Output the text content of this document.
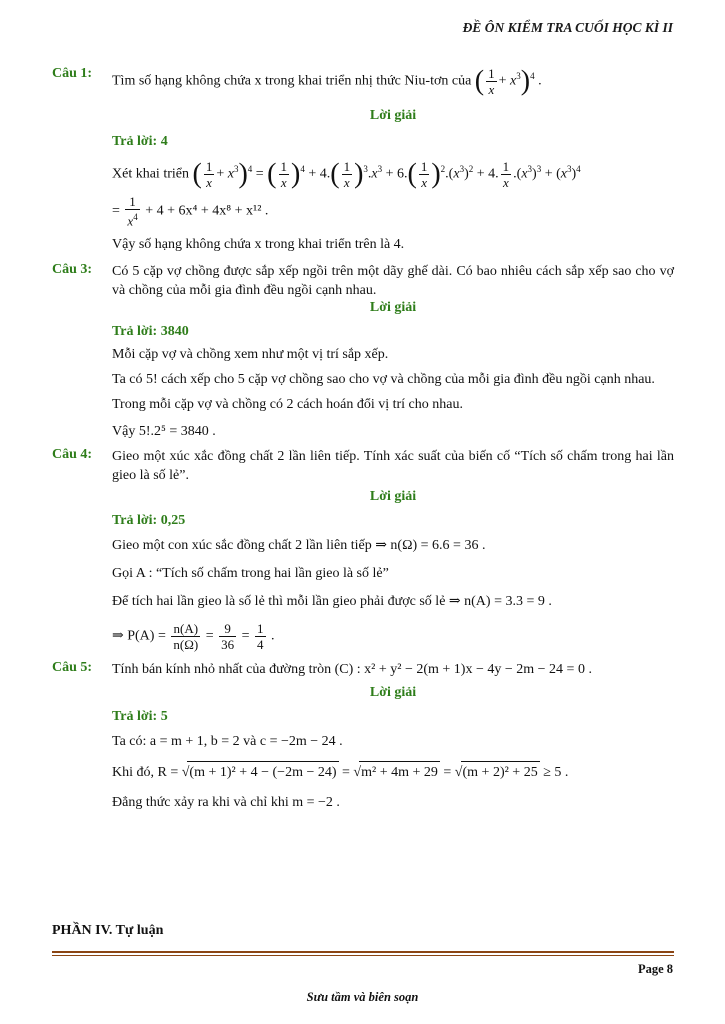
ĐỀ ÔN KIỂM TRA CUỐI HỌC KÌ II
Câu 1:
Tìm số hạng không chứa x trong khai triển nhị thức Niu-tơn của ( $\frac{1}{x} + x^3)^4$ .
Lời giải
Trả lời: 4
Xét khai triển ( $\frac{1}{x} + x^3)^4$ = ( $\frac{1}{x} )^4 + 4.( \frac{1}{x} )^3.x^3 + 6.( \frac{1}{x} )^2.(x^3)^2 + 4$. $\frac{1}{x} .(x^3)^3 + (x^3)^4$
= $\frac{1}{x^4} + 4 + 6x^4 + 4x^8 + x^{12}$ .
Vậy số hạng không chứa x trong khai triển trên là 4.
Câu 3:	Có 5 cặp vợ chồng được sắp xếp ngồi trên một dãy ghế dài. Có bao nhiêu cách sắp xếp sao cho vợ và chồng của mỗi gia đình đều ngồi cạnh nhau.
Lời giải
Trả lời: 3840
Mỗi cặp vợ và chồng xem như một vị trí sắp xếp.
Ta có 5! cách xếp cho 5 cặp vợ chồng sao cho vợ và chồng của mỗi gia đình đều ngồi cạnh nhau.
Trong mỗi cặp vợ và chồng có 2 cách hoán đổi vị trí cho nhau.
Vậy 5!.2⁵ = 3840 .
Câu 4:	Gieo một xúc xắc đồng chất 2 lần liên tiếp. Tính xác suất của biến cố “Tích số chấm trong hai lần gieo là số lẻ”.
Lời giải
Trả lời: 0,25
Gieo một con xúc sắc đồng chất 2 lần liên tiếp ⇒ n(Ω) = 6.6 = 36 .
Gọi A : “Tích số chấm trong hai lần gieo là số lẻ”
Để tích hai lần gieo là số lẻ thì mỗi lần gieo phải được số lẻ ⇒ n(A) = 3.3 = 9 .
⇒ $P(A) = \frac{n(A)}{n(\Omega)} = \frac{9}{36} = \frac{1}{4}$ .
Câu 5:	Tính bán kính nhỏ nhất của đường tròn (C) : x² + y² − 2(m + 1)x − 4y − 2m − 24 = 0 .
Lời giải
Trả lời: 5
Ta có: a = m + 1, b = 2 và c = −2m − 24 .
Khi đó, R = √(m + 1)² + 4 − (−2m − 24) = √m² + 4m + 29 = √(m + 2)² + 25 ≥ 5 .
Đẳng thức xảy ra khi và chỉ khi m = −2 .
PHẦN IV. Tự luận
Page 8
Sưu tầm và biên soạn
